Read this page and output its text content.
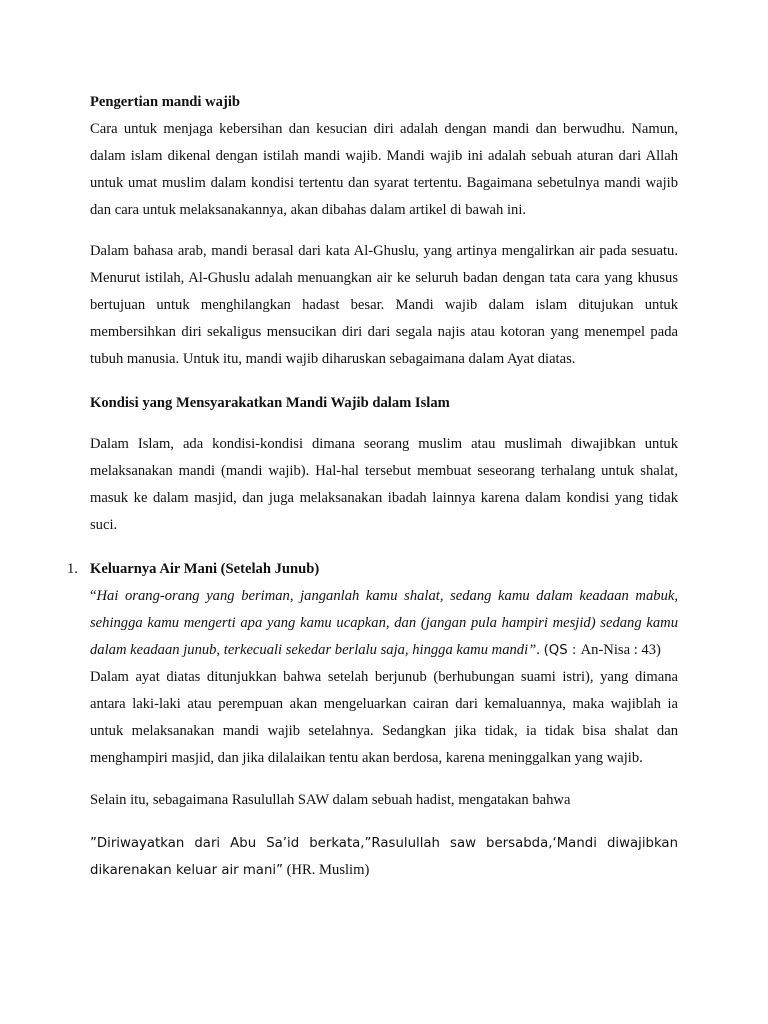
Pengertian mandi wajib

Cara untuk menjaga kebersihan dan kesucian diri adalah dengan mandi dan berwudhu. Namun, dalam islam dikenal dengan istilah mandi wajib. Mandi wajib ini adalah sebuah aturan dari Allah untuk umat muslim dalam kondisi tertentu dan syarat tertentu. Bagaimana sebetulnya mandi wajib dan cara untuk melaksanakannya, akan dibahas dalam artikel di bawah ini.

Dalam bahasa arab, mandi berasal dari kata Al-Ghuslu, yang artinya mengalirkan air pada sesuatu. Menurut istilah, Al-Ghuslu adalah menuangkan air ke seluruh badan dengan tata cara yang khusus bertujuan untuk menghilangkan hadast besar. Mandi wajib dalam islam ditujukan untuk membersihkan diri sekaligus mensucikan diri dari segala najis atau kotoran yang menempel pada tubuh manusia. Untuk itu, mandi wajib diharuskan sebagaimana dalam Ayat diatas.

Kondisi yang Mensyarakatkan Mandi Wajib dalam Islam

Dalam Islam, ada kondisi-kondisi dimana seorang muslim atau muslimah diwajibkan untuk melaksanakan mandi (mandi wajib). Hal-hal tersebut membuat seseorang terhalang untuk shalat, masuk ke dalam masjid, dan juga melaksanakan ibadah lainnya karena dalam kondisi yang tidak suci.

1. Keluarnya Air Mani (Setelah Junub)

“Hai orang-orang yang beriman, janganlah kamu shalat, sedang kamu dalam keadaan mabuk, sehingga kamu mengerti apa yang kamu ucapkan, dan (jangan pula hampiri mesjid) sedang kamu dalam keadaan junub, terkecuali sekedar berlalu saja, hingga kamu mandi”. (QS : An-Nisa : 43)

Dalam ayat diatas ditunjukkan bahwa setelah berjunub (berhubungan suami istri), yang dimana antara laki-laki atau perempuan akan mengeluarkan cairan dari kemaluannya, maka wajiblah ia untuk melaksanakan mandi wajib setelahnya. Sedangkan jika tidak, ia tidak bisa shalat dan menghampiri masjid, dan jika dilalaikan tentu akan berdosa, karena meninggalkan yang wajib.

Selain itu, sebagaimana Rasulullah SAW dalam sebuah hadist, mengatakan bahwa

”Diriwayatkan dari Abu Sa’id berkata,”Rasulullah saw bersabda,‘Mandi diwajibkan

dikarenakan keluar air mani” (HR. Muslim)
